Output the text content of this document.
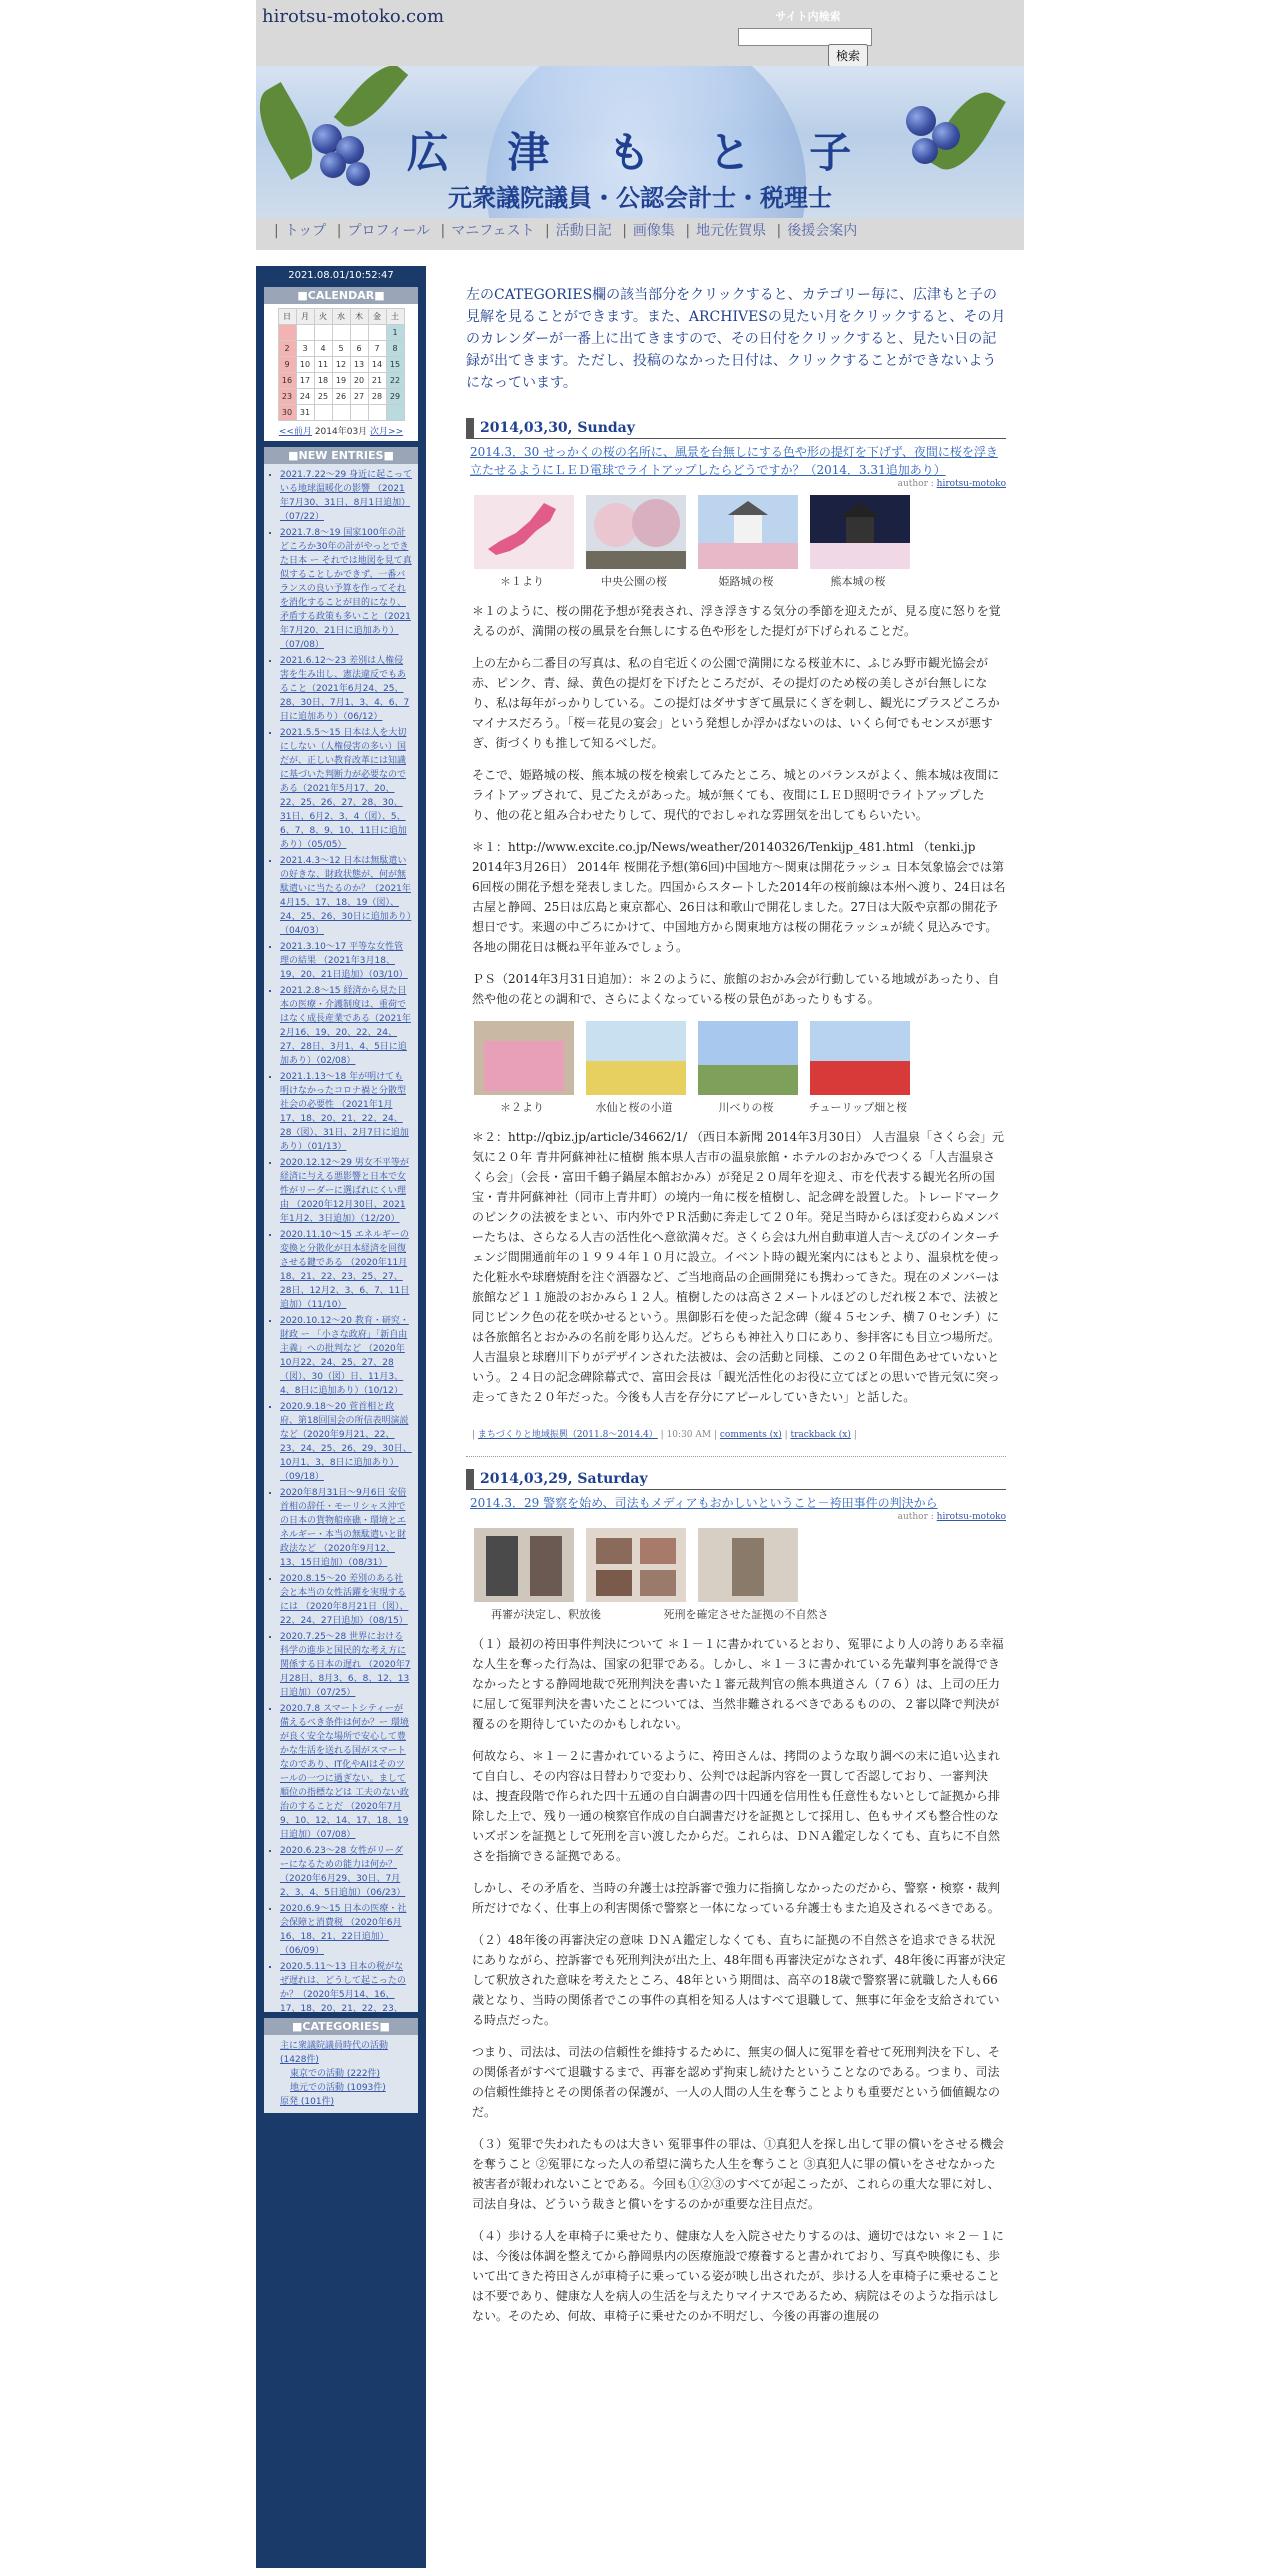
hirotsu-motoko.com	サイト内検索
検索
広 津 も と 子
元衆議院議員・公認会計士・税理士
| トップ | プロフィール | マニフェスト | 活動日記 | 画像集 | 地元佐賀県 | 後援会案内
2021.08.01/10:52:47
■CALENDAR■
日	月	火	水	木	金	土
						1
2	3	4	5	6	7	8
9	10	11	12	13	14	15
16	17	18	19	20	21	22
23	24	25	26	27	28	29
30	31					
<<前月 2014年03月 次月>>
■NEW ENTRIES■
▪ 2021.7.22～29 身近に起こっている地球温暖化の影響 （2021年7月30、31日、8月1日追加）（07/22）
▪ 2021.7.8～19 国家100年の計どころか30年の計がやっとできた日本 ー それでは地図を見て真似することしかできず、一番バランスの良い予算を作ってそれを消化することが目的になり、矛盾する政策も多いこと（2021年7月20、21日に追加あり）（07/08）
▪ 2021.6.12～23 差別は人権侵害を生み出し、憲法違反でもあること（2021年6月24、25、28、30日、7月1、3、4、6、7日に追加あり）（06/12）
▪ 2021.5.5～15 日本は人を大切にしない（人権侵害の多い）国だが、正しい教育改革には知識に基づいた判断力が必要なのである（2021年5月17、20、22、25、26、27、28、30、31日、6月2、3、4（図）、5、6、7、8、9、10、11日に追加あり）（05/05）
▪ 2021.4.3～12 日本は無駄遣いの好きな、財政状態が、何が無駄遣いに当たるのか？（2021年4月15、17、18、19（図）、24、25、26、30日に追加あり）（04/03）
▪ 2021.3.10～17 平等な女性管理の結果 （2021年3月18、19、20、21日追加）（03/10）
▪ 2021.2.8～15 経済から見た日本の医療・介護制度は、重荷ではなく成長産業である（2021年2月16、19、20、22、24、27、28日、3月1、4、5日に追加あり）（02/08）
▪ 2021.1.13～18 年が明けても明けなかったコロナ禍と分散型社会の必要性 （2021年1月17、18、20、21、22、24、28（図）、31日、2月7日に追加あり）（01/13）
▪ 2020.12.12～29 男女不平等が経済に与える悪影響と日本で女性がリーダーに選ばれにくい理由 （2020年12月30日、2021年1月2、3日追加）（12/20）
▪ 2020.11.10～15 エネルギーの変換と分散化が日本経済を回復させる鍵である （2020年11月18、21、22、23、25、27、28日、12月2、3、6、7、11日追加）（11/10）
▪ 2020.10.12～20 教育・研究・財政 ー 「小さな政府」「新自由主義」への批判など （2020年10月22、24、25、27、28（図）、30（図）日、11月3、4、8日に追加あり）（10/12）
▪ 2020.9.18～20 菅首相と政府、第18回国会の所信表明演説など（2020年9月21、22、23、24、25、26、29、30日、10月1、3、8日に追加あり）（09/18）
▪ 2020年8月31日～9月6日 安倍首相の辞任・モーリシャス沖での日本の貨物船座礁・環境とエネルギー・本当の無駄遣いと財政法など （2020年9月12、13、15日追加）（08/31）
▪ 2020.8.15～20 差別のある社会と本当の女性活躍を実現するには （2020年8月21日（図）、22、24、27日追加）（08/15）
▪ 2020.7.25～28 世界における科学の進歩と国民的な考え方に関係する日本の遅れ （2020年7月28日、8月3、6、8、12、13日追加）（07/25）
▪ 2020.7.8 スマートシティーが備えるべき条件は何か？ー 環境が良く安全な場所で安心して豊かな生活を送れる国がスマートなのであり、IT化やAIはそのツールの一つに過ぎない。まして順位の指標などは 工夫のない政治のすることだ （2020年7月9、10、12、14、17、18、19日追加）（07/08）
▪ 2020.6.23～28 女性がリーダーになるための能力は何か？（2020年6月29、30日、7月2、3、4、5日追加）（06/23）
▪ 2020.6.9～15 日本の医療・社会保障と消費税 （2020年6月16、18、21、22日追加）（06/09）
▪ 2020.5.11～13 日本の税がなぜ遅れは、どうして起こったのか？（2020年5月14、16、17、18、20、21、22、23、
■CATEGORIES■
主に衆議院議員時代の活動 (1428件)
東京での活動 (222件)
地元での活動 (1093件)
原発 (101件)

左のCATEGORIES欄の該当部分をクリックすると、カテゴリー毎に、広津もと子の見解を見ることができます。また、ARCHIVESの見たい月をクリックすると、その月のカレンダーが一番上に出てきますので、その日付をクリックすると、見たい日の記録が出てきます。ただし、投稿のなかった日付は、クリックすることができないようになっています。

2014,03,30, Sunday
2014.3．30 せっかくの桜の名所に、風景を台無しにする色や形の提灯を下げず、夜間に桜を浮き立たせるようにＬＥＤ電球でライトアップしたらどうですか？（2014．3.31追加あり）
author : hirotsu-motoko
＊１より	中央公園の桜	姫路城の桜	熊本城の桜

＊１のように、桜の開花予想が発表され、浮き浮きする気分の季節を迎えたが、見る度に怒りを覚えるのが、満開の桜の風景を台無しにする色や形をした提灯が下げられることだ。

上の左から二番目の写真は、私の自宅近くの公園で満開になる桜並木に、ふじみ野市観光協会が赤、ピンク、青、緑、黄色の提灯を下げたところだが、その提灯のため桜の美しさが台無しになり、私は毎年がっかりしている。この提灯はダサすぎて風景にくぎを刺し、観光にプラスどころかマイナスだろう。「桜＝花見の宴会」という発想しか浮かばないのは、いくら何でもセンスが悪すぎ、街づくりも推して知るべしだ。

そこで、姫路城の桜、熊本城の桜を検索してみたところ、城とのバランスがよく、熊本城は夜間にライトアップされて、見ごたえがあった。城が無くても、夜間にＬＥＤ照明でライトアップしたり、他の花と組み合わせたりして、現代的でおしゃれな雰囲気を出してもらいたい。

＊１：http://www.excite.co.jp/News/weather/20140326/Tenkijp_481.html （tenki.jp 2014年3月26日） 2014年 桜開花予想(第6回)中国地方～関東は開花ラッシュ 日本気象協会では第6回桜の開花予想を発表しました。四国からスタートした2014年の桜前線は本州へ渡り、24日は名古屋と静岡、25日は広島と東京都心、26日は和歌山で開花しました。27日は大阪や京都の開花予想日です。来週の中ごろにかけて、中国地方から関東地方は桜の開花ラッシュが続く見込みです。各地の開花日は概ね平年並みでしょう。

ＰＳ（2014年3月31日追加）：＊２のように、旅館のおかみ会が行動している地域があったり、自然や他の花との調和で、さらによくなっている桜の景色があったりもする。

＊２より	水仙と桜の小道	川べりの桜	チューリップ畑と桜

＊２：http://qbiz.jp/article/34662/1/ （西日本新聞 2014年3月30日） 人吉温泉「さくら会」元気に２０年 青井阿蘇神社に植樹 熊本県人吉市の温泉旅館・ホテルのおかみでつくる「人吉温泉さくら会」（会長・富田千鶴子鍋屋本館おかみ）が発足２０周年を迎え、市を代表する観光名所の国宝・青井阿蘇神社（同市上青井町）の境内一角に桜を植樹し、記念碑を設置した。トレードマークのピンクの法被をまとい、市内外でＰＲ活動に奔走して２０年。発足当時からほぼ変わらぬメンバーたちは、さらなる人吉の活性化へ意欲満々だ。さくら会は九州自動車道人吉～えびのインターチェンジ間開通前年の１９９４年１０月に設立。イベント時の観光案内にはもとより、温泉枕を使った化粧水や球磨焼酎を注ぐ酒器など、ご当地商品の企画開発にも携わってきた。現在のメンバーは旅館など１１施設のおかみら１２人。植樹したのは高さ２メートルほどのしだれ桜２本で、法被と同じピンク色の花を咲かせるという。黒御影石を使った記念碑（縦４５センチ、横７０センチ）には各旅館名とおかみの名前を彫り込んだ。どちらも神社入り口にあり、参拝客にも目立つ場所だ。人吉温泉と球磨川下りがデザインされた法被は、会の活動と同様、この２０年間色あせていないという。２４日の記念碑除幕式で、富田会長は「観光活性化のお役に立てばとの思いで皆元気に突っ走ってきた２０年だった。今後も人吉を存分にアピールしていきたい」と話した。

| まちづくりと地域振興（2011.8～2014.4） | 10:30 AM | comments (x) | trackback (x) |
2014,03,29, Saturday
2014.3．29 警察を始め、司法もメディアもおかしいということ－袴田事件の判決から
author : hirotsu-motoko
再審が決定し、釈放後	死刑を確定させた証拠の不自然さ

（１）最初の袴田事件判決について ＊１－１に書かれているとおり、冤罪により人の誇りある幸福な人生を奪った行為は、国家の犯罪である。しかし、＊１－３に書かれている先輩判事を説得できなかったとする静岡地裁で死刑判決を書いた１審元裁判官の熊本典道さん（７６）は、上司の圧力に屈して冤罪判決を書いたことについては、当然非難されるべきであるものの、２審以降で判決が覆るのを期待していたのかもしれない。

何故なら、＊１－２に書かれているように、袴田さんは、拷問のような取り調べの末に追い込まれて自白し、その内容は日替わりで変わり、公判では起訴内容を一貫して否認しており、一審判決は、捜査段階で作られた四十五通の自白調書の四十四通を信用性も任意性もないとして証拠から排除した上で、残り一通の検察官作成の自白調書だけを証拠として採用し、色もサイズも整合性のないズボンを証拠として死刑を言い渡したからだ。これらは、ＤＮＡ鑑定しなくても、直ちに不自然さを指摘できる証拠である。

しかし、その矛盾を、当時の弁護士は控訴審で強力に指摘しなかったのだから、警察・検察・裁判所だけでなく、仕事上の利害関係で警察と一体になっている弁護士もまた追及されるべきである。

（２）48年後の再審決定の意味 ＤＮＡ鑑定しなくても、直ちに証拠の不自然さを追求できる状況にありながら、控訴審でも死刑判決が出た上、48年間も再審決定がなされず、48年後に再審が決定して釈放された意味を考えたところ、48年という期間は、高卒の18歳で警察署に就職した人も66歳となり、当時の関係者でこの事件の真相を知る人はすべて退職して、無事に年金を支給されている時点だった。

つまり、司法は、司法の信頼性を維持するために、無実の個人に冤罪を着せて死刑判決を下し、その関係者がすべて退職するまで、再審を認めず拘束し続けたということなのである。つまり、司法の信頼性維持とその関係者の保護が、一人の人間の人生を奪うことよりも重要だという価値観なのだ。

（３）冤罪で失われたものは大きい 冤罪事件の罪は、①真犯人を探し出して罪の償いをさせる機会を奪うこと ②冤罪になった人の希望に満ちた人生を奪うこと ③真犯人に罪の償いをさせなかった被害者が報われないことである。今回も①②③のすべてが起こったが、これらの重大な罪に対し、司法自身は、どういう裁きと償いをするのかが重要な注目点だ。

（４）歩ける人を車椅子に乗せたり、健康な人を入院させたりするのは、適切ではない ＊２－１には、今後は体調を整えてから静岡県内の医療施設で療養すると書かれており、写真や映像にも、歩いて出てきた袴田さんが車椅子に乗っている姿が映し出されたが、歩ける人を車椅子に乗せることは不要であり、健康な人を病人の生活を与えたりマイナスであるため、病院はそのような指示はしない。そのため、何故、車椅子に乗せたのか不明だし、今後の再審の進展の
